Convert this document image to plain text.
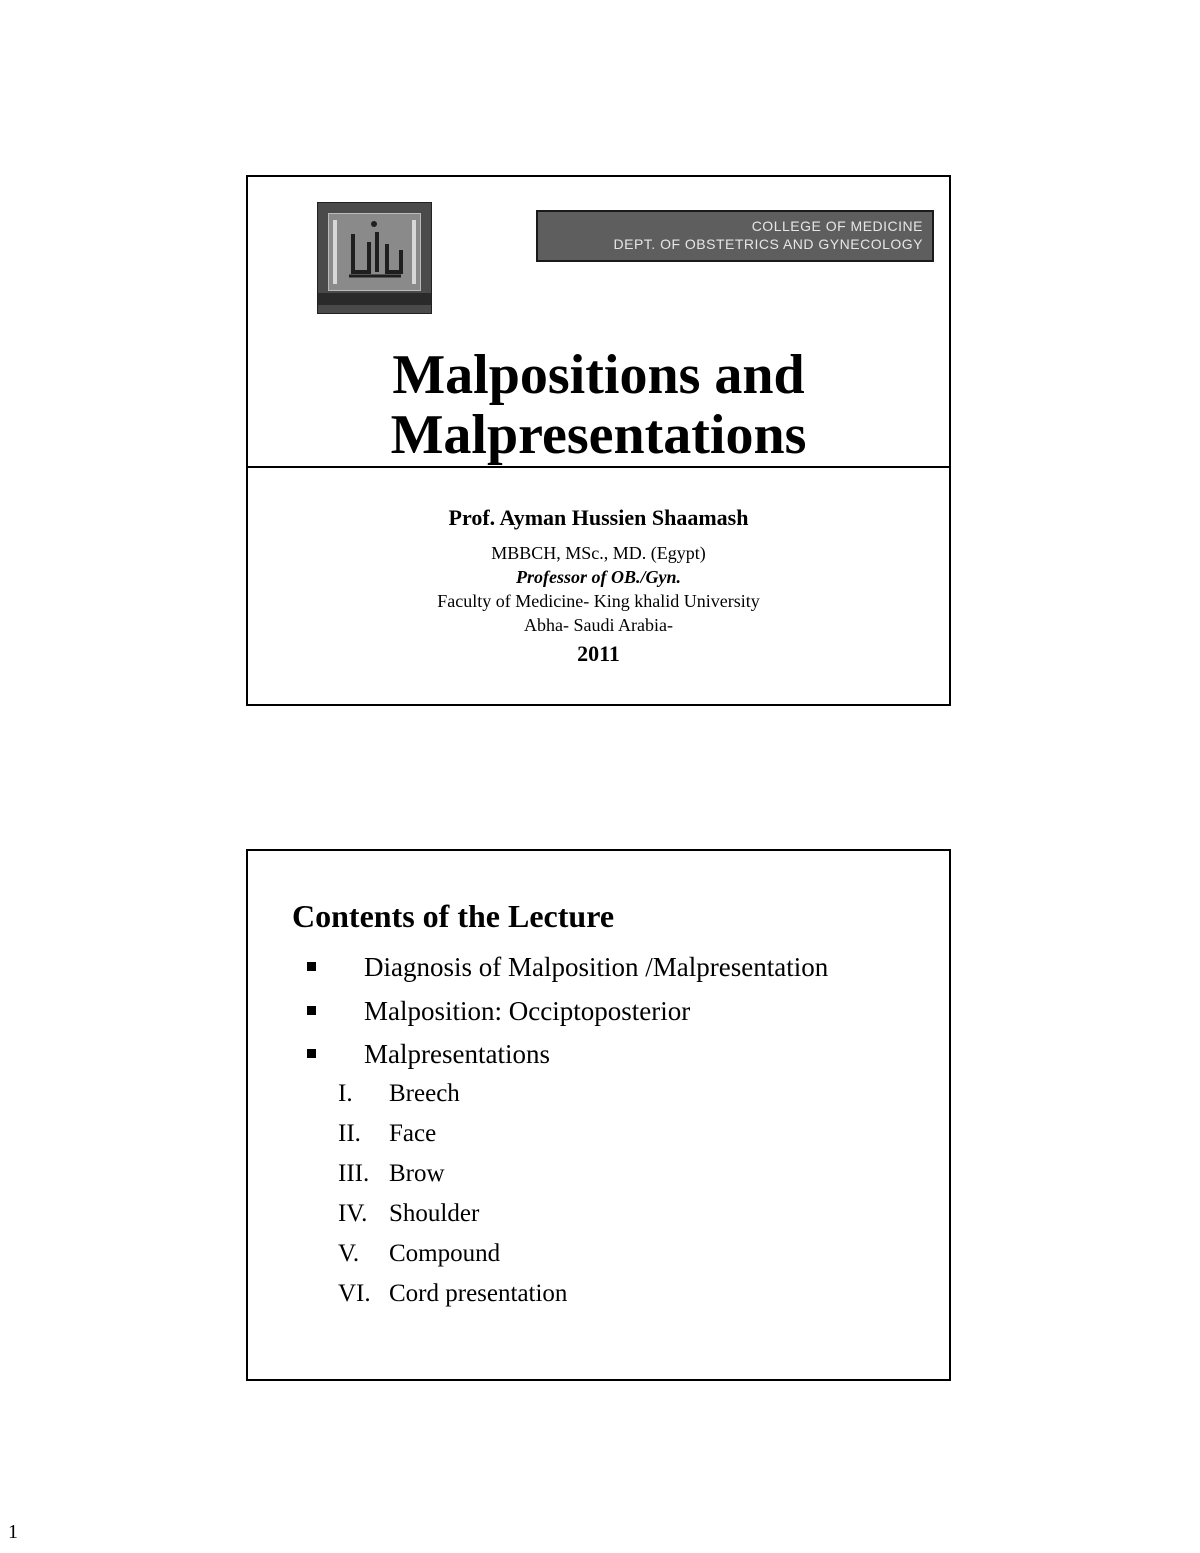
COLLEGE OF MEDICINE
DEPT. OF OBSTETRICS AND GYNECOLOGY
Malpositions and
Malpresentations
Prof. Ayman Hussien Shaamash
MBBCH, MSc., MD. (Egypt)
Professor of OB./Gyn.
Faculty of Medicine- King khalid University
Abha- Saudi Arabia-
2011
Contents of the Lecture
Diagnosis of Malposition /Malpresentation
Malposition: Occiptoposterior
Malpresentations
I. Breech
II. Face
III. Brow
IV. Shoulder
V. Compound
VI. Cord presentation
1
